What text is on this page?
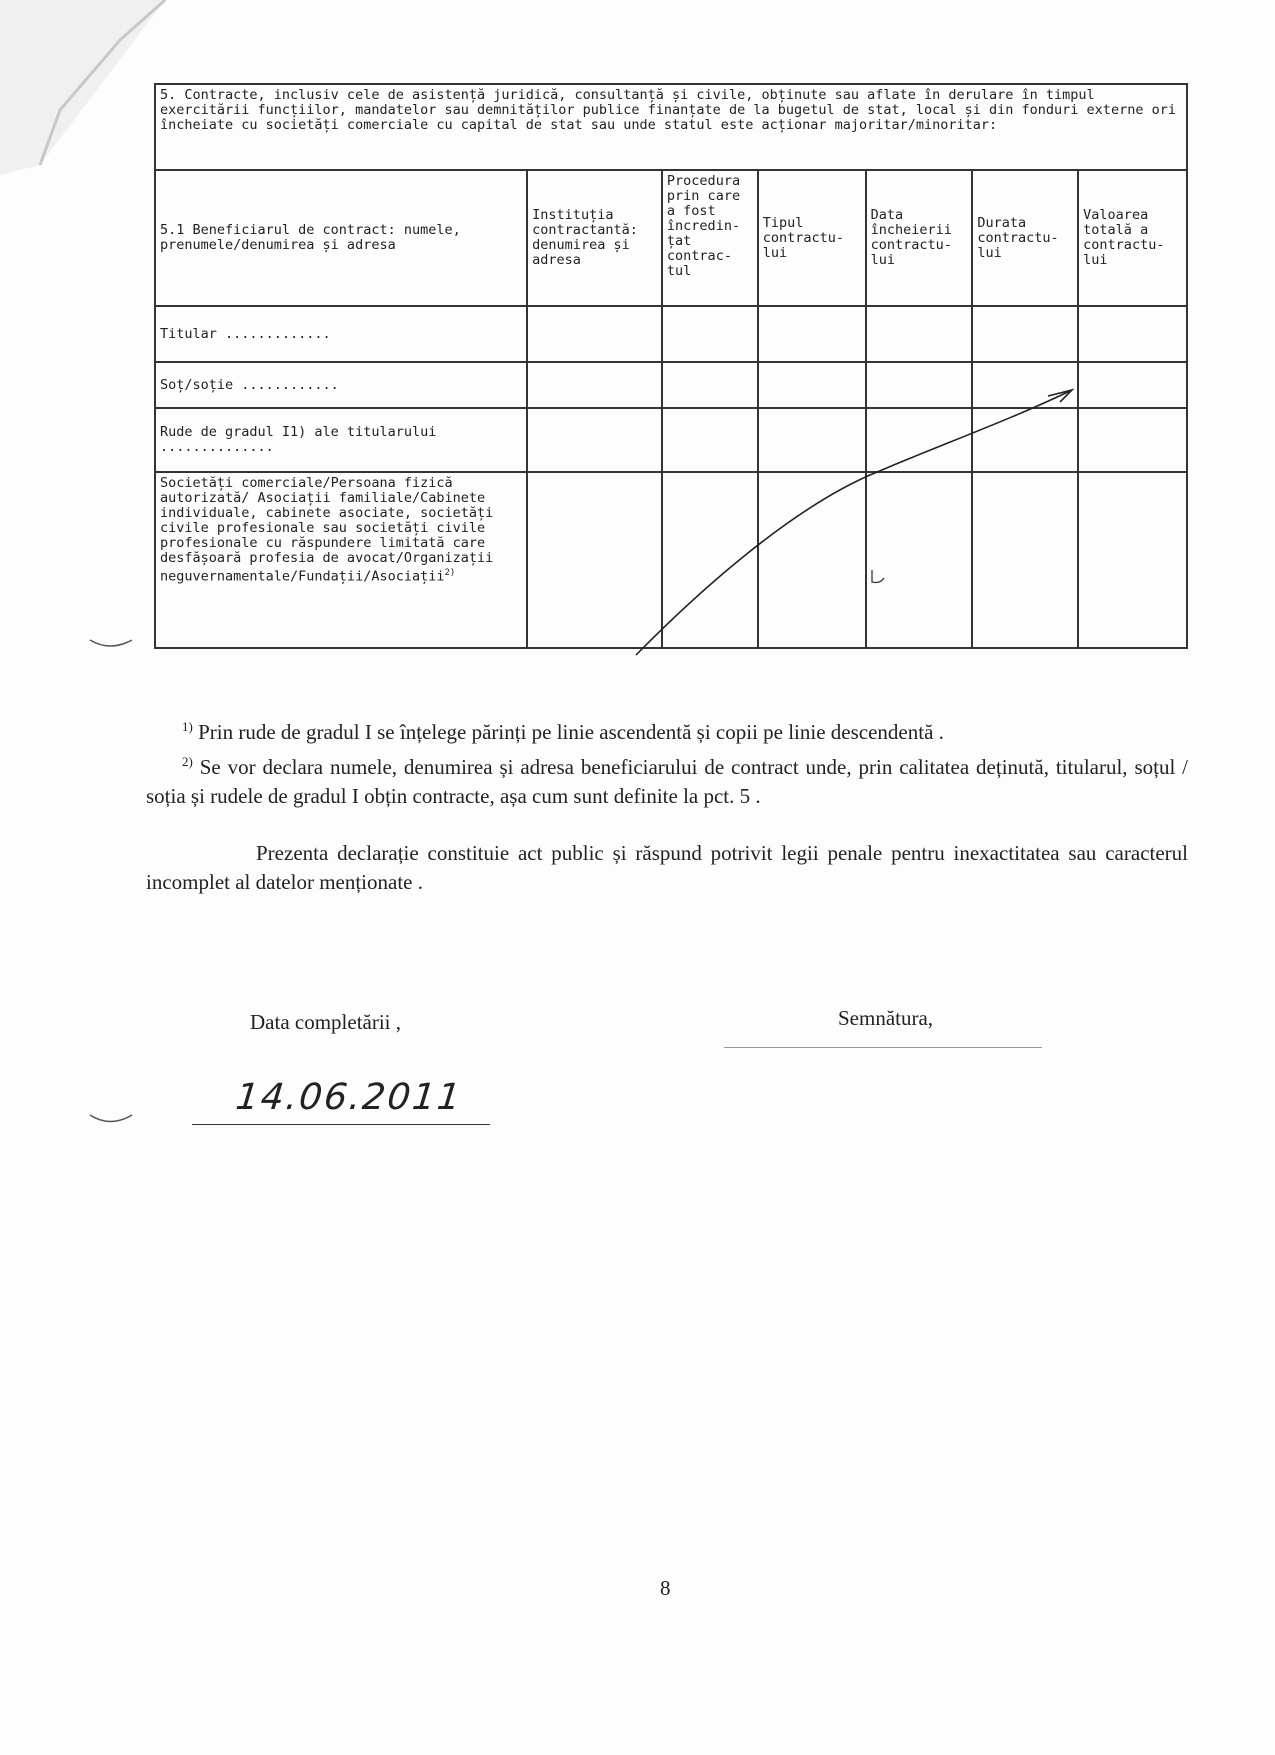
5. Contracte, inclusiv cele de asistență juridică, consultanță și civile, obținute sau aflate în derulare în timpul exercitării funcțiilor, mandatelor sau demnităților publice finanțate de la bugetul de stat, local și din fonduri externe ori încheiate cu societăți comerciale cu capital de stat sau unde statul este acționar majoritar/minoritar:						
5.1 Beneficiarul de contract: numele, prenumele/denumirea și adresa	Instituția contractantă: denumirea și adresa	Procedura prin care a fost încredin-țat contrac-tul	Tipul contractu-lui	Data încheierii contractu-lui	Durata contractu-lui	Valoarea totală a contractu-lui
Titular .............						
Soț/soție ............						
Rude de gradul I1) ale titularului ..............						
Societăți comerciale/Persoana fizică autorizată/ Asociații familiale/Cabinete individuale, cabinete asociate, societăți civile profesionale sau societăți civile profesionale cu răspundere limitată care desfășoară profesia de avocat/Organizații neguvernamentale/Fundații/Asociații$^{2)}$						

$^{1)}$ Prin rude de gradul I se înțelege părinți pe linie ascendentă și copii pe linie descendentă .

$^{2)}$ Se vor declara numele, denumirea și adresa beneficiarului de contract unde, prin calitatea deținută, titularul, soțul / soția și rudele de gradul I obțin contracte, așa cum sunt definite la pct. 5 .

Prezenta declarație constituie act public și răspund potrivit legii penale pentru inexactitatea sau caracterul incomplet al datelor menționate .

Data completării ,	Semnătura,
14.06.2011
8
